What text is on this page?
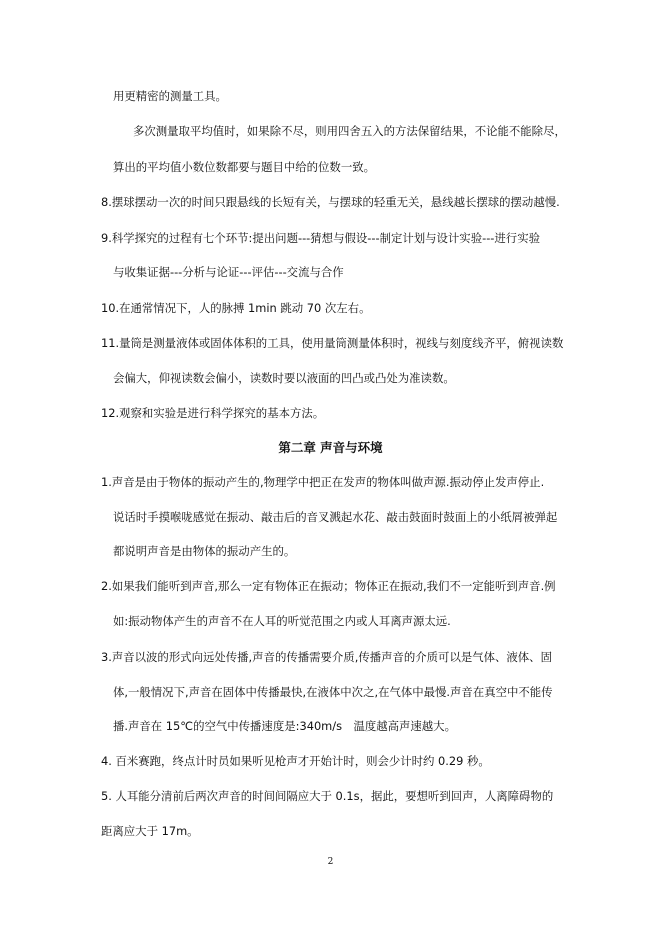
用更精密的测量工具。
多次测量取平均值时，如果除不尽，则用四舍五入的方法保留结果，不论能不能除尽，
算出的平均值小数位数都要与题目中给的位数一致。
8.摆球摆动一次的时间只跟悬线的长短有关，与摆球的轻重无关，悬线越长摆球的摆动越慢.
9.科学探究的过程有七个环节:提出问题---猜想与假设---制定计划与设计实验---进行实验
与收集证据---分析与论证---评估---交流与合作
10.在通常情况下，人的脉搏 1min 跳动 70 次左右。
11.量筒是测量液体或固体体积的工具，使用量筒测量体积时，视线与刻度线齐平，俯视读数
会偏大，仰视读数会偏小，读数时要以液面的凹凸或凸处为准读数。
12.观察和实验是进行科学探究的基本方法。
第二章 声音与环境
1.声音是由于物体的振动产生的,物理学中把正在发声的物体叫做声源.振动停止发声停止.
说话时手摸喉咙感觉在振动、敲击后的音叉溅起水花、敲击鼓面时鼓面上的小纸屑被弹起
都说明声音是由物体的振动产生的。
2.如果我们能听到声音,那么一定有物体正在振动；物体正在振动,我们不一定能听到声音.例
如:振动物体产生的声音不在人耳的听觉范围之内或人耳离声源太远.
3.声音以波的形式向远处传播,声音的传播需要介质,传播声音的介质可以是气体、液体、固
体,一般情况下,声音在固体中传播最快,在液体中次之,在气体中最慢.声音在真空中不能传
播.声音在 15℃的空气中传播速度是:340m/s　温度越高声速越大。
4. 百米赛跑，终点计时员如果听见枪声才开始计时，则会少计时约 0.29 秒。
5. 人耳能分清前后两次声音的时间间隔应大于 0.1s，据此，要想听到回声，人离障碍物的
距离应大于 17m。
2
